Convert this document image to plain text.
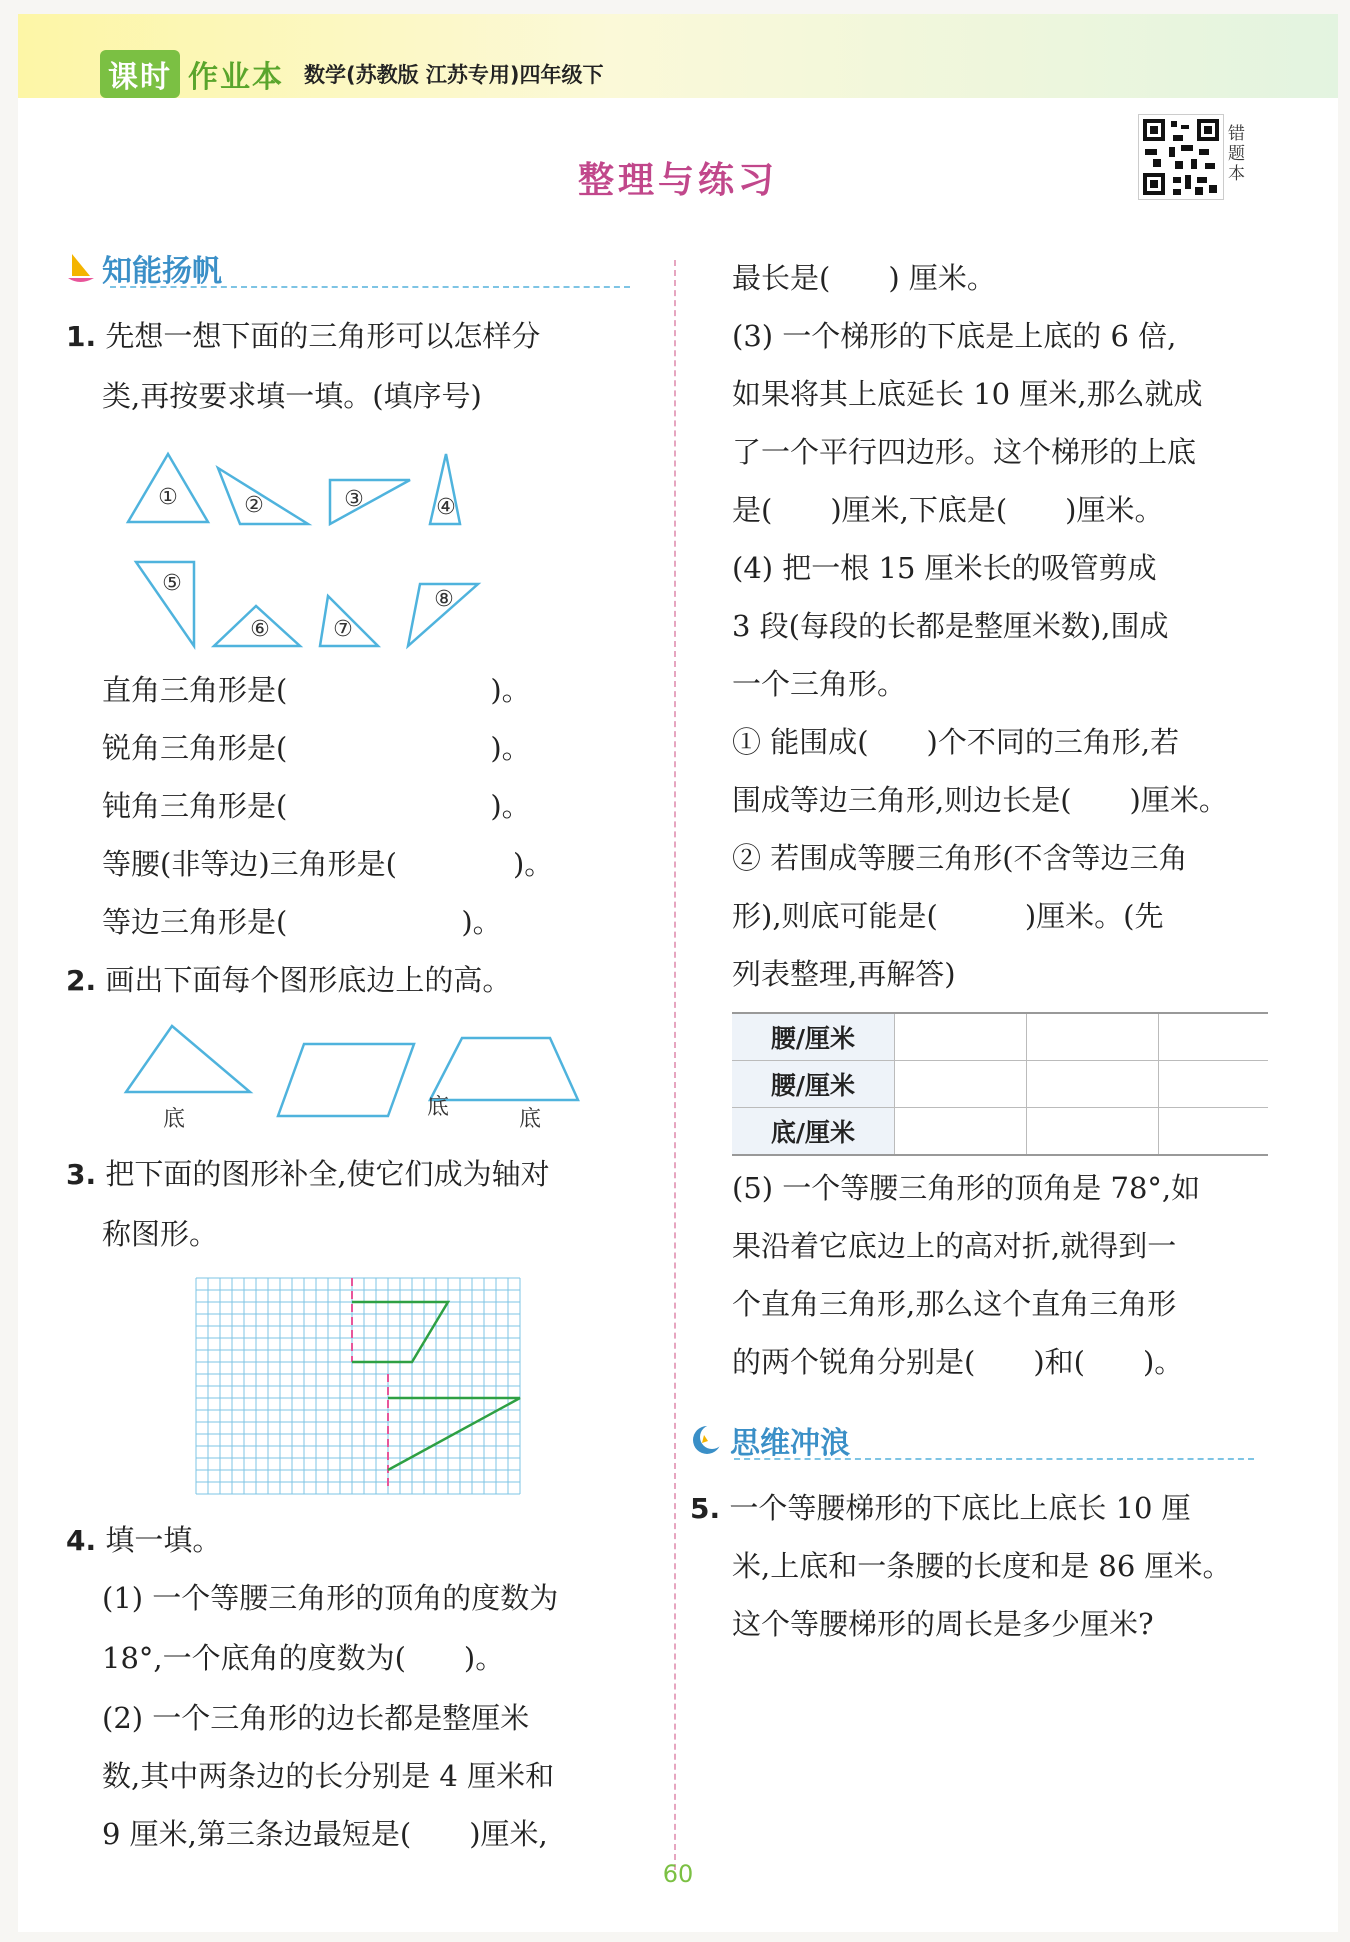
课时 作业本 数学(苏教版 江苏专用)四年级下
整理与练习
错题本
知能扬帆
1. 先想一想下面的三角形可以怎样分
类,再按要求填一填。(填序号)
①	②	③	④
⑤
⑥	⑦
⑧
直角三角形是(　　　　　　　)。
锐角三角形是(　　　　　　　)。
钝角三角形是(　　　　　　　)。
等腰(非等边)三角形是(　　　　)。
等边三角形是(　　　　　　)。
2. 画出下面每个图形底边上的高。
底	底	底
3. 把下面的图形补全,使它们成为轴对
称图形。
4. 填一填。
(1) 一个等腰三角形的顶角的度数为
18°,一个底角的度数为(　　)。
(2) 一个三角形的边长都是整厘米
数,其中两条边的长分别是 4 厘米和
9 厘米,第三条边最短是(　　)厘米,
最长是(　　) 厘米。
(3) 一个梯形的下底是上底的 6 倍,
如果将其上底延长 10 厘米,那么就成
了一个平行四边形。这个梯形的上底
是(　　)厘米,下底是(　　)厘米。
(4) 把一根 15 厘米长的吸管剪成
3 段(每段的长都是整厘米数),围成
一个三角形。
① 能围成(　　)个不同的三角形,若
围成等边三角形,则边长是(　　)厘米。
② 若围成等腰三角形(不含等边三角
形),则底可能是(　　　)厘米。(先
列表整理,再解答)
腰/厘米			
腰/厘米			
底/厘米			
(5) 一个等腰三角形的顶角是 78°,如
果沿着它底边上的高对折,就得到一
个直角三角形,那么这个直角三角形
的两个锐角分别是(　　)和(　　)。
思维冲浪
5. 一个等腰梯形的下底比上底长 10 厘
米,上底和一条腰的长度和是 86 厘米。
这个等腰梯形的周长是多少厘米?
60
